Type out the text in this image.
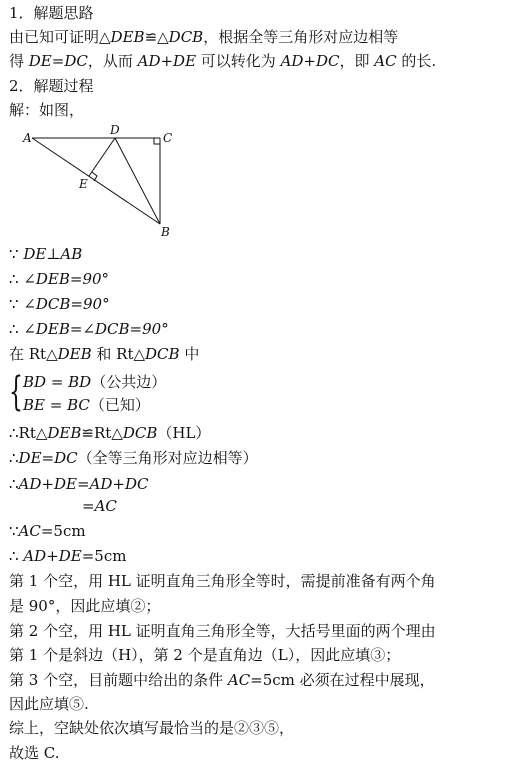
1．解题思路
由已知可证明△DEB≌△DCB，根据全等三角形对应边相等
得 DE=DC，从而 AD+DE 可以转化为 AD+DC，即 AC 的长.
2．解题过程
解：如图，
A
D
C
E
B
∵ DE⊥AB
∴ ∠DEB=90°
∵ ∠DCB=90°
∴ ∠DEB=∠DCB=90°
在 Rt△DEB 和 Rt△DCB 中
{ BD = BD（公共边）
BE = BC（已知）
∴Rt△DEB≌Rt△DCB（HL）
∴DE=DC（全等三角形对应边相等）
∴AD+DE=AD+DC
=AC
∵AC=5cm
∴ AD+DE=5cm
第 1 个空，用 HL 证明直角三角形全等时，需提前准备有两个角
是 90°，因此应填②；
第 2 个空，用 HL 证明直角三角形全等，大括号里面的两个理由
第 1 个是斜边（H），第 2 个是直角边（L），因此应填③；
第 3 个空，目前题中给出的条件 AC=5cm 必须在过程中展现，
因此应填⑤.
综上，空缺处依次填写最恰当的是②③⑤，
故选 C.
